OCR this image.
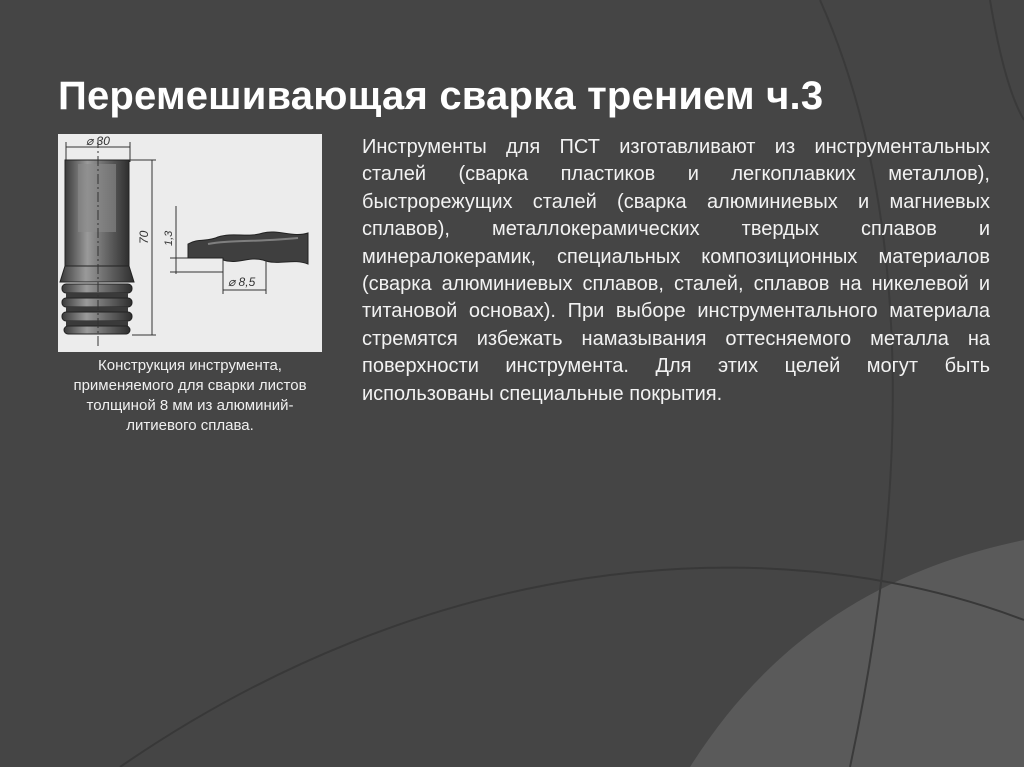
Перемешивающая сварка трением ч.3
⌀ 30
70 1,3
⌀ 8,5
Конструкция инструмента, применяемого для сварки листов толщиной 8 мм из алюминий-литиевого сплава.
Инструменты для ПСТ изготавливают из инструментальных сталей (сварка пластиков и легкоплавких металлов), быстрорежущих сталей (сварка алюминиевых и магниевых сплавов), металлокерамических твердых сплавов и минералокерамик, специальных композиционных материалов (сварка алюминиевых сплавов, сталей, сплавов на никелевой и титановой основах). При выборе инструментального материала стремятся избежать намазывания оттесняемого металла на поверхности инструмента. Для этих целей могут быть использованы специальные покрытия.
